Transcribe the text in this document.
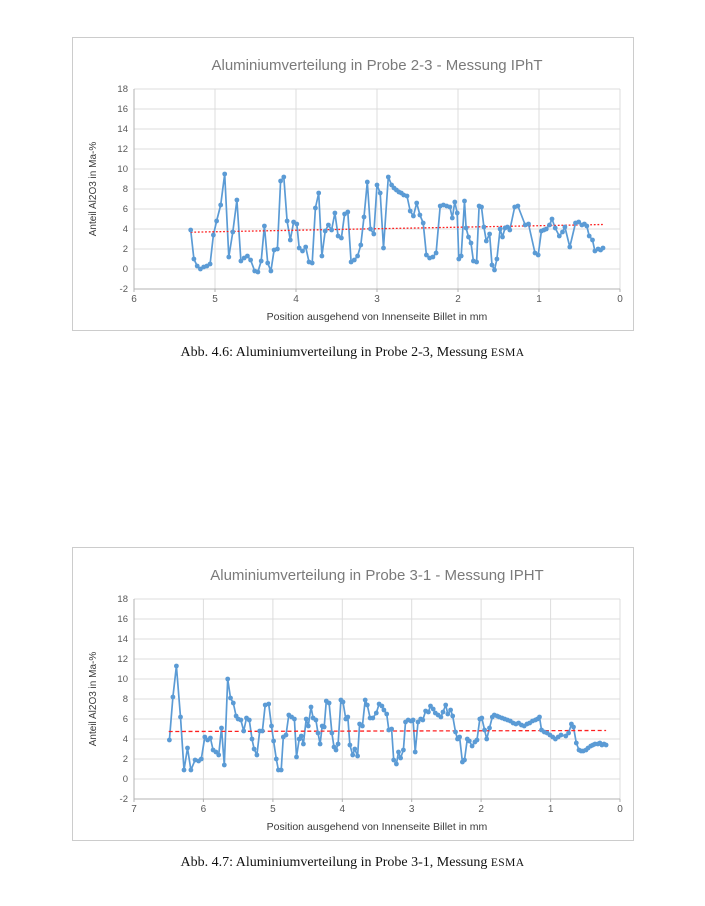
6	5	4	3	2	1	0
18
16
14
12
10
8
6
4
2
0
-2
Aluminiumverteilung in Probe 2-3 - Messung IPhT
Position ausgehend von Innenseite Billet in mm
Anteil Al2O3 in Ma-%
Abb. 4.6: Aluminiumverteilung in Probe 2-3, Messung ESMA
7	6	5	4	3	2	1	0
18
16
14
12
10
8
6
4
2
0
-2
Aluminiumverteilung in Probe 3-1 - Messung IPHT
Position ausgehend von Innenseite Billet in mm
Anteil Al2O3 in Ma-%
Abb. 4.7: Aluminiumverteilung in Probe 3-1, Messung ESMA
